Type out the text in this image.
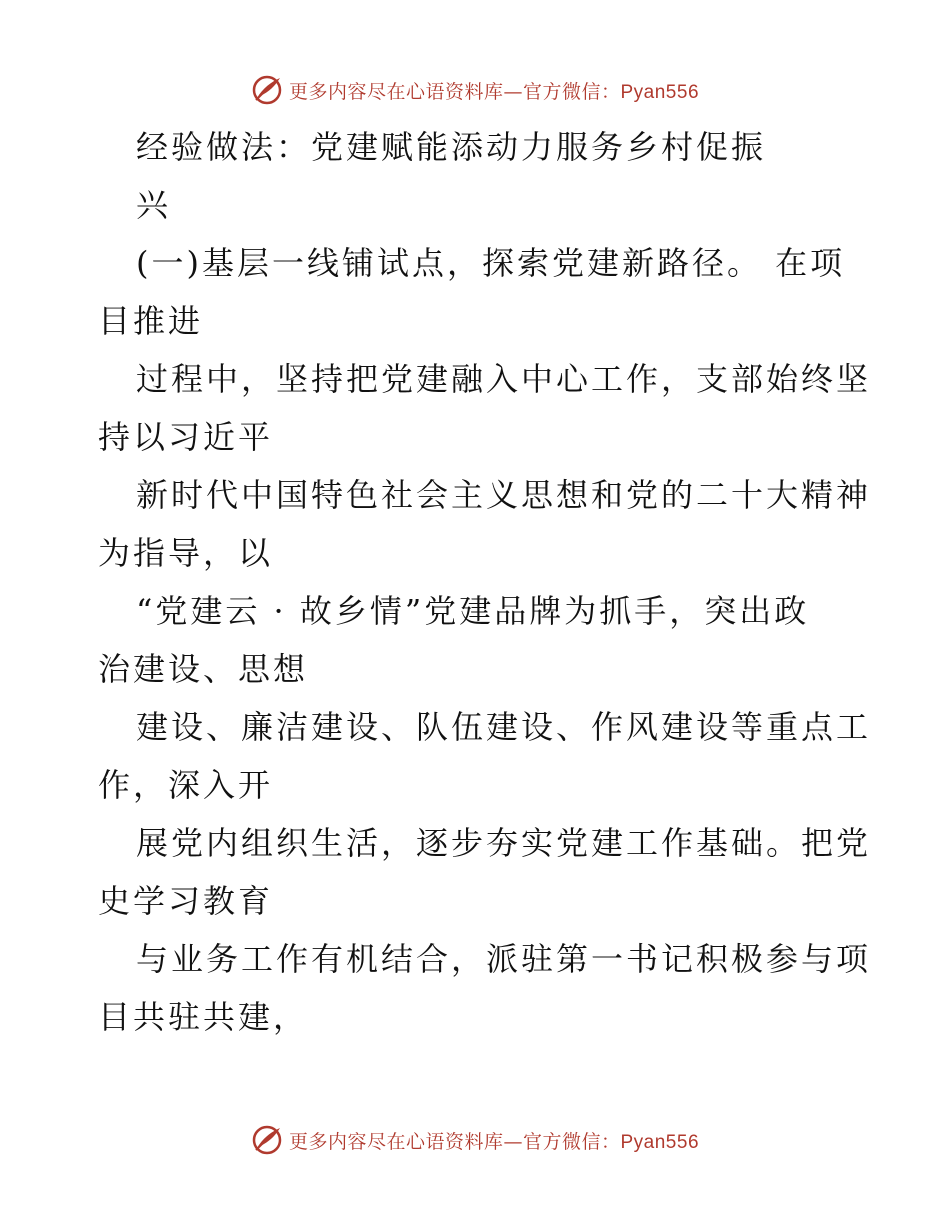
更多内容尽在心语资料库—官方微信：Pyan556
经验做法：党建赋能添动力服务乡村促振
兴
(一)基层一线铺试点，探索党建新路径。 在项
目推进
过程中，坚持把党建融入中心工作，支部始终坚
持以习近平
新时代中国特色社会主义思想和党的二十大精神
为指导，以
“党建云 · 故乡情”党建品牌为抓手，突出政
治建设、思想
建设、廉洁建设、队伍建设、作风建设等重点工
作，深入开
展党内组织生活，逐步夯实党建工作基础。把党
史学习教育
与业务工作有机结合，派驻第一书记积极参与项
目共驻共建，
更多内容尽在心语资料库—官方微信：Pyan556
